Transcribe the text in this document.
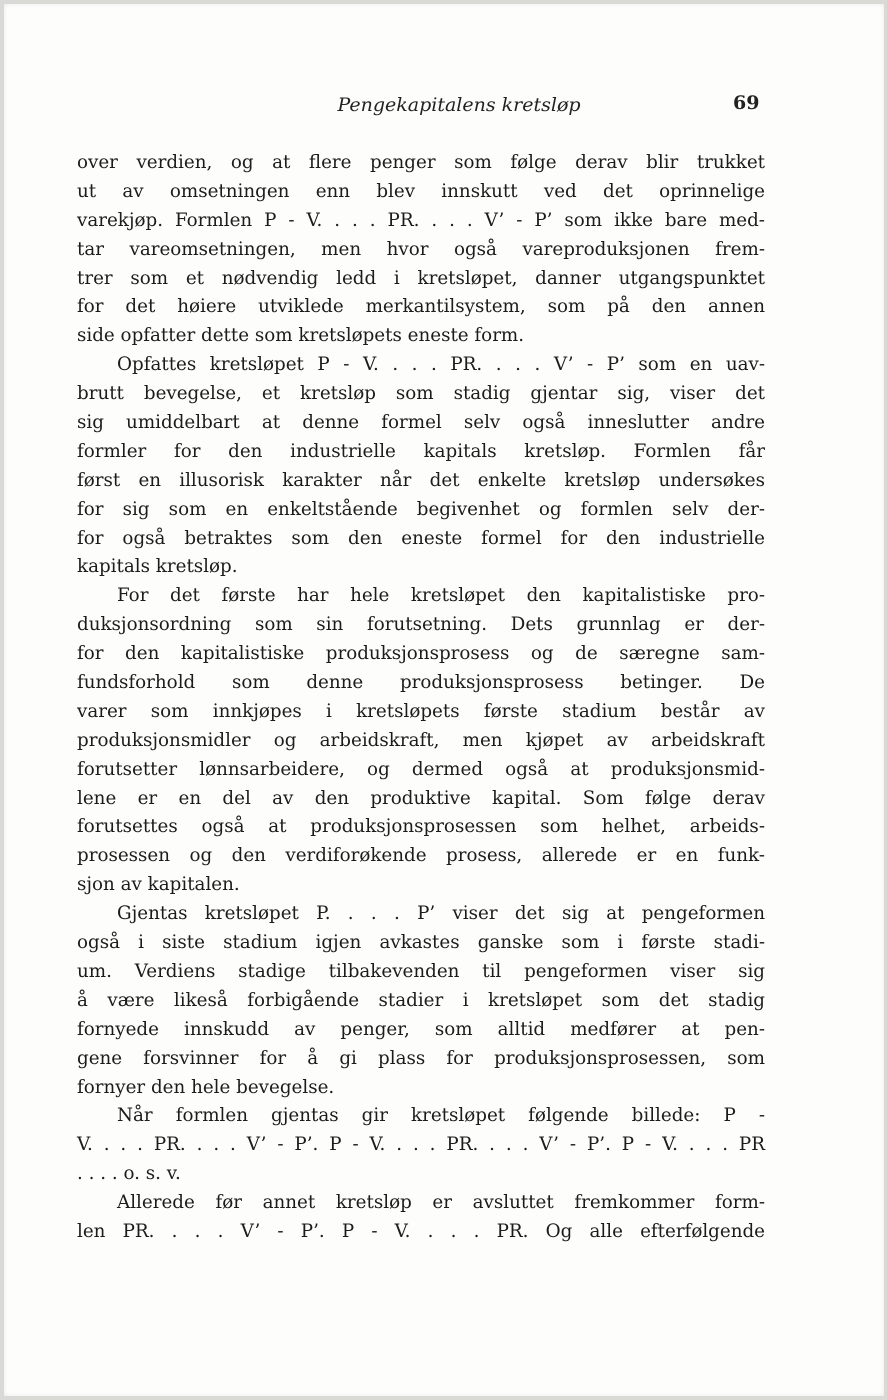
Pengekapitalens kretsløp	69
over verdien, og at flere penger som følge derav blir trukket
ut av omsetningen enn blev innskutt ved det oprinnelige
varekjøp. Formlen P - V. . . . PR. . . . V’ - P’ som ikke bare med-
tar vareomsetningen, men hvor også vareproduksjonen frem-
trer som et nødvendig ledd i kretsløpet, danner utgangspunktet
for det høiere utviklede merkantilsystem, som på den annen
side opfatter dette som kretsløpets eneste form.
Opfattes kretsløpet P - V. . . . PR. . . . V’ - P’ som en uav-
brutt bevegelse, et kretsløp som stadig gjentar sig, viser det
sig umiddelbart at denne formel selv også inneslutter andre
formler for den industrielle kapitals kretsløp. Formlen får
først en illusorisk karakter når det enkelte kretsløp undersøkes
for sig som en enkeltstående begivenhet og formlen selv der-
for også betraktes som den eneste formel for den industrielle
kapitals kretsløp.
For det første har hele kretsløpet den kapitalistiske pro-
duksjonsordning som sin forutsetning. Dets grunnlag er der-
for den kapitalistiske produksjonsprosess og de særegne sam-
fundsforhold som denne produksjonsprosess betinger. De
varer som innkjøpes i kretsløpets første stadium består av
produksjonsmidler og arbeidskraft, men kjøpet av arbeidskraft
forutsetter lønnsarbeidere, og dermed også at produksjonsmid-
lene er en del av den produktive kapital. Som følge derav
forutsettes også at produksjonsprosessen som helhet, arbeids-
prosessen og den verdiforøkende prosess, allerede er en funk-
sjon av kapitalen.
Gjentas kretsløpet P. . . . P’ viser det sig at pengeformen
også i siste stadium igjen avkastes ganske som i første stadi-
um. Verdiens stadige tilbakevenden til pengeformen viser sig
å være likeså forbigående stadier i kretsløpet som det stadig
fornyede innskudd av penger, som alltid medfører at pen-
gene forsvinner for å gi plass for produksjonsprosessen, som
fornyer den hele bevegelse.
Når formlen gjentas gir kretsløpet følgende billede: P -
V. . . . PR. . . . V’ - P’. P - V. . . . PR. . . . V’ - P’. P - V. . . . PR
. . . . o. s. v.
Allerede før annet kretsløp er avsluttet fremkommer form-
len PR. . . . V’ - P’. P - V. . . . PR. Og alle efterfølgende
